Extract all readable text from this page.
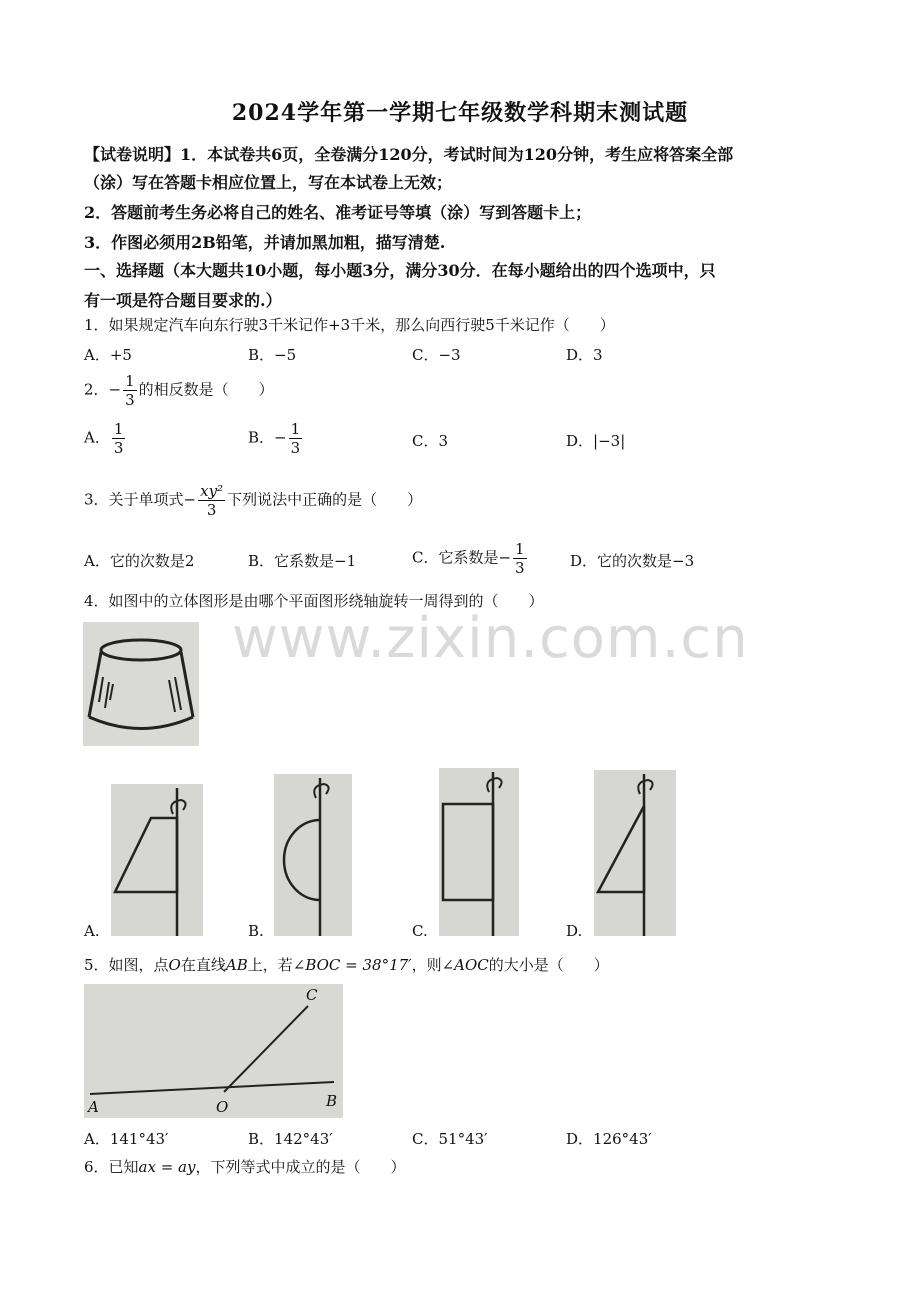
2024学年第一学期七年级数学科期末测试题
【试卷说明】1．本试卷共6页，全卷满分120分，考试时间为120分钟，考生应将答案全部
（涂）写在答题卡相应位置上，写在本试卷上无效；
2．答题前考生务必将自己的姓名、准考证号等填（涂）写到答题卡上；
3．作图必须用2B铅笔，并请加黑加粗，描写清楚.
一、选择题（本大题共10小题，每小题3分，满分30分．在每小题给出的四个选项中，只
有一项是符合题目要求的.）
1．如果规定汽车向东行驶3千米记作+3千米，那么向西行驶5千米记作（　　）
A．+5	B．−5	C．−3	D．3
2．− $\frac{1}{3}$ 的相反数是（　　）
A． $\frac{1}{3}$	B．− $\frac{1}{3}$	C．3	D．|−3|
3．关于单项式− $\frac{\text{xy²}}{3}$ 下列说法中正确的是（　　）
A．它的次数是2	B．它系数是−1	C．它系数是− $\frac{1}{3}$	D．它的次数是−3
4．如图中的立体图形是由哪个平面图形绕轴旋转一周得到的（　　）
A.	B.	C.	D.
5．如图，点O在直线AB上，若∠BOC = 38°17′，则∠AOC的大小是（　　）
A	O	B
C
A．141°43′	B．142°43′	C．51°43′	D．126°43′
6．已知ax = ay，下列等式中成立的是（　　）
www.zixin.com.cn
